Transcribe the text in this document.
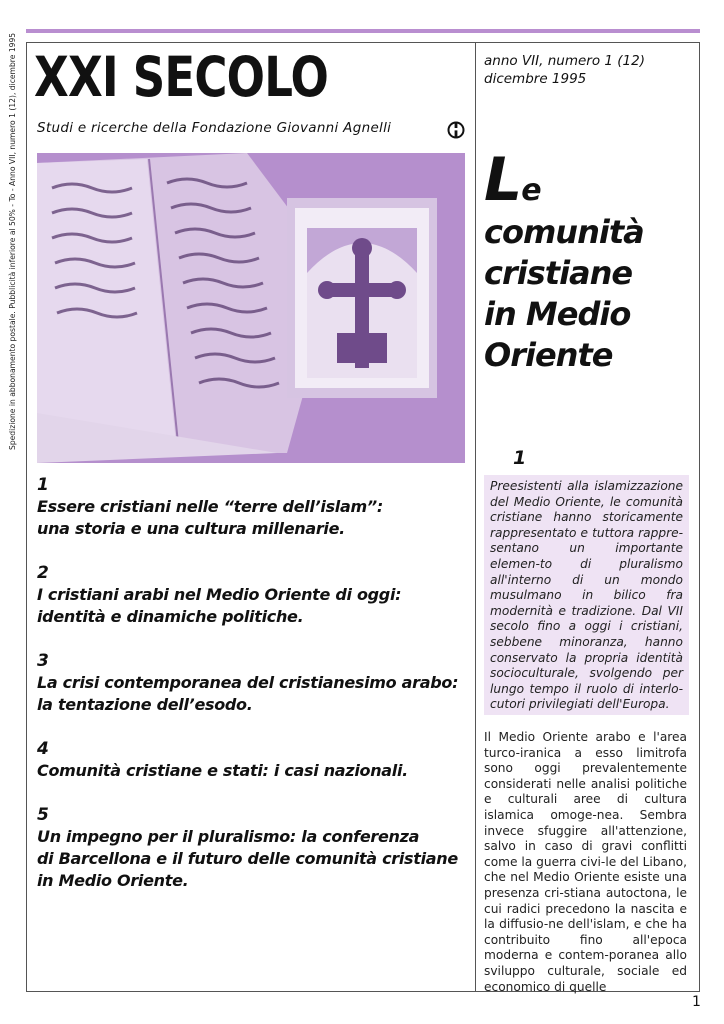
Spedizione in abbonamento postale. Pubblicità inferiore al 50% - To - Anno VII, numero 1 (12), dicembre 1995 XXI SECOLO
Studi e ricerche della Fondazione Giovanni Agnelli
anno VII, numero 1 (12)
dicembre 1995
Le
comunità
cristiane
in Medio
Oriente
1
Preesistenti alla islamizzazione del Medio Oriente, le comunità cristiane hanno storicamente rappresentato e tuttora rappre-sentano un importante elemen-to di pluralismo all'interno di un mondo musulmano in bilico fra modernità e tradizione. Dal VII secolo fino a oggi i cristiani, sebbene minoranza, hanno conservato la propria identità socioculturale, svolgendo per lungo tempo il ruolo di interlo-cutori privilegiati dell'Europa.
Il Medio Oriente arabo e l'area turco-iranica a esso limitrofa sono oggi prevalentemente considerati nelle analisi politiche e culturali aree di cultura islamica omoge-nea. Sembra invece sfuggire all'attenzione, salvo in caso di gravi conflitti come la guerra civi-le del Libano, che nel Medio Oriente esiste una presenza cri-stiana autoctona, le cui radici precedono la nascita e la diffusio-ne dell'islam, e che ha contribuito fino all'epoca moderna e contem-poranea allo sviluppo culturale, sociale ed economico di quelle
1
Essere cristiani nelle “terre dell’islam”:
una storia e una cultura millenarie.
2
I cristiani arabi nel Medio Oriente di oggi:
identità e dinamiche politiche.
3
La crisi contemporanea del cristianesimo arabo:
la tentazione dell’esodo.
4
Comunità cristiane e stati: i casi nazionali.
5
Un impegno per il pluralismo: la conferenza
di Barcellona e il futuro delle comunità cristiane
in Medio Oriente.
1
